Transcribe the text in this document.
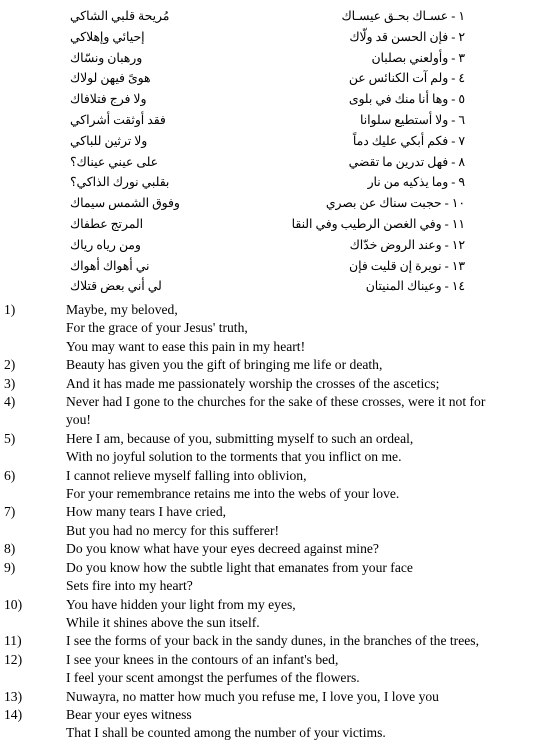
١ - عسـاك بحـق عيسـاك
مُريحة قلبي الشاكي
٢ - فإن الحسن قد ولّاك
إحيائي وإهلاكي
٣ - وأولعني بصلبان
ورهبان ونسّاك
٤ - ولم آت الكنائس عن
هوىً فيهن لولاك
٥ - وها أنا منك في بلوى
ولا فرج فتلافاك
٦ - ولا أستطيع سلوانا
فقد أوثقت أشراكي
٧ - فكم أبكي عليك دماً
ولا ترثين للباكي
٨ - فهل تدرين ما تقضي
على عيني عيناك؟
٩ - وما يذكيه من نار
بقلبي نورك الذاكي؟
١٠ - حجبت سناك عن بصري
وفوق الشمس سيماك
١١ - وفي الغصن الرطيب وفي النقا
المرتج عطفاك
١٢ - وعند الروض خدّاك
ومن رياه رياك
١٣ - نويرة إن قليت فإن
ني أهواك أهواك
١٤ - وعيناك المنيتان
لي أني بعض قتلاك
1)	Maybe, my beloved,
For the grace of your Jesus' truth,
You may want to ease this pain in my heart!
2)	Beauty has given you the gift of bringing me life or death,
3)	And it has made me passionately worship the crosses of the ascetics;
4)	Never had I gone to the churches for the sake of these crosses, were it not for
you!
5)	Here I am, because of you, submitting myself to such an ordeal,
With no joyful solution to the torments that you inflict on me.
6)	I cannot relieve myself falling into oblivion,
For your remembrance retains me into the webs of your love.
7)	How many tears I have cried,
But you had no mercy for this sufferer!
8)	Do you know what have your eyes decreed against mine?
9)	Do you know how the subtle light that emanates from your face
Sets fire into my heart?
10)	You have hidden your light from my eyes,
While it shines above the sun itself.
11)	I see the forms of your back in the sandy dunes, in the branches of the trees,
12)	I see your knees in the contours of an infant's bed,
I feel your scent amongst the perfumes of the flowers.
13)	Nuwayra, no matter how much you refuse me, I love you, I love you
14)	Bear your eyes witness
That I shall be counted among the number of your victims.
